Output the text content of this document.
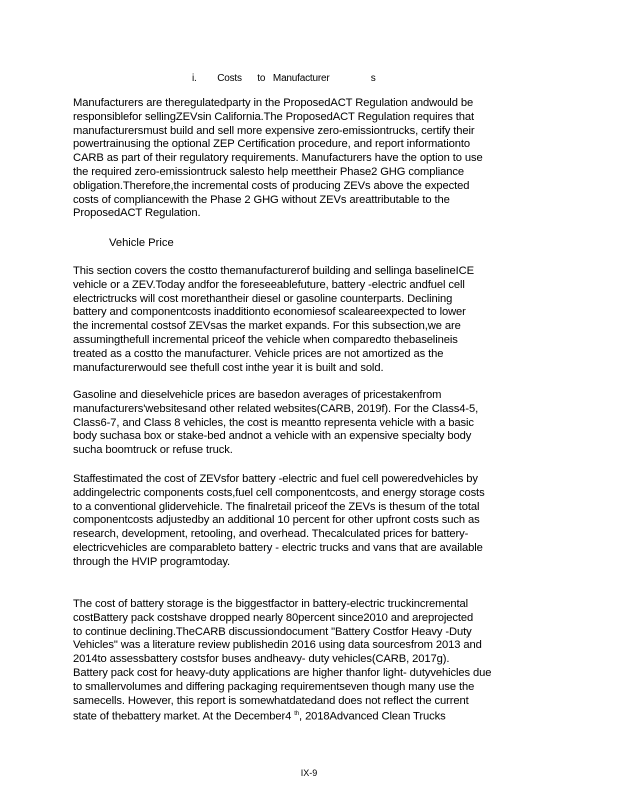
i.        Costs      to   Manufacturer                s
Manufacturers are theregulatedparty in the ProposedACT Regulation andwould be
responsiblefor sellingZEVsin California.The ProposedACT Regulation requires that
manufacturersmust build and sell more expensive zero-emissiontrucks, certify their
powertrainusing the optional ZEP Certification procedure, and report informationto
CARB as part of their regulatory requirements. Manufacturers have the option to use
the required zero-emissiontruck salesto help meettheir Phase2 GHG compliance
obligation.Therefore,the incremental costs of producing ZEVs above the expected
costs of compliancewith the Phase 2 GHG without ZEVs areattributable to the
ProposedACT Regulation.
Vehicle Price
This section covers the costto themanufacturerof building and sellinga baselineICE
vehicle or a ZEV.Today andfor the foreseeablefuture, battery -electric andfuel cell
electrictrucks will cost morethantheir diesel or gasoline counterparts. Declining
battery and componentcosts inadditionto economiesof scaleareexpected to lower
the incremental costsof ZEVsas the market expands. For this subsection,we are
assumingthefull incremental priceof the vehicle when comparedto thebaselineis
treated as a costto the manufacturer. Vehicle prices are not amortized as the
manufacturerwould see thefull cost inthe year it is built and sold.
Gasoline and dieselvehicle prices are basedon averages of pricestakenfrom
manufacturers'websitesand other related websites(CARB, 2019f). For the Class4-5,
Class6-7, and Class 8 vehicles, the cost is meantto representa vehicle with a basic
body suchasa box or stake-bed andnot a vehicle with an expensive specialty body
sucha boomtruck or refuse truck.
Staffestimated the cost of ZEVsfor battery -electric and fuel cell poweredvehicles by
addingelectric components costs,fuel cell componentcosts, and energy storage costs
to a conventional glidervehicle. The finalretail priceof the ZEVs is thesum of the total
componentcosts adjustedby an additional 10 percent for other upfront costs such as
research, development, retooling, and overhead. Thecalculated prices for battery-
electricvehicles are comparableto battery - electric trucks and vans that are available
through the HVIP programtoday.
The cost of battery storage is the biggestfactor in battery-electric truckincremental
costBattery pack costshave dropped nearly 80percent since2010 and areprojected
to continue declining.TheCARB discussiondocument "Battery Costfor Heavy -Duty
Vehicles" was a literature review publishedin 2016 using data sourcesfrom 2013 and
2014to assessbattery costsfor buses andheavy- duty vehicles(CARB, 2017g).
Battery pack cost for heavy-duty applications are higher thanfor light- dutyvehicles due
to smallervolumes and differing packaging requirementseven though many use the
samecells. However, this report is somewhatdatedand does not reflect the current
state of thebattery market. At the December4 $^{th}$, 2018Advanced Clean Trucks
IX-9
